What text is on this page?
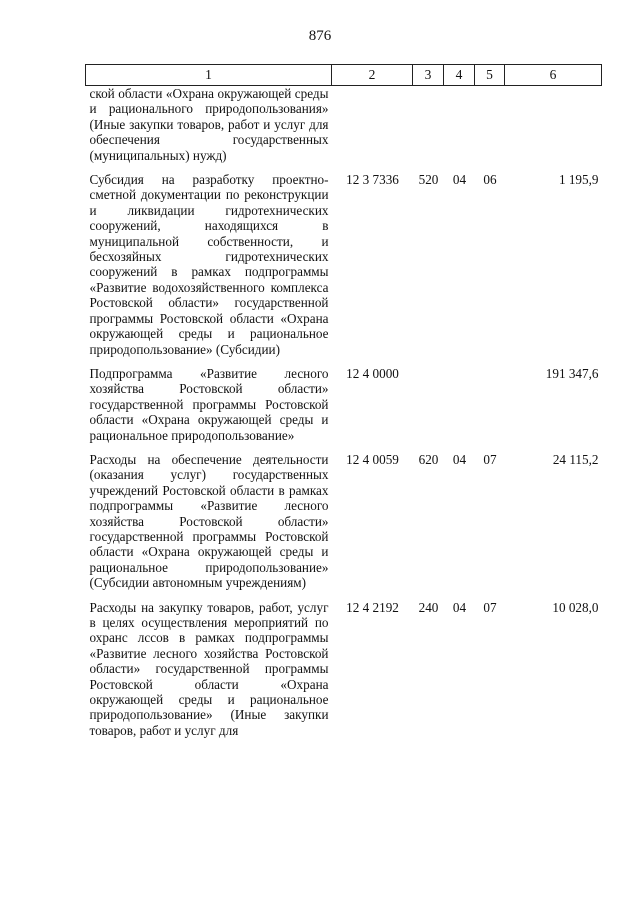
876
1	2	3	4	5	6
ской области «Охрана окружающей среды и рационального природопользования» (Иные закупки товаров, работ и услуг для обеспечения государственных (муниципальных) нужд)					
Субсидия на разработку проектно-сметной документации по реконструкции и ликвидации гидротехнических сооружений, находящихся в муниципальной собственности, и бесхозяйных гидротехнических сооружений в рамках подпрограммы «Развитие водохозяйственного комплекса Ростовской области» государственной программы Ростовской области «Охрана окружающей среды и рациональное природопользование» (Субсидии)	12 3 7336	520	04	06	1 195,9
Подпрограмма «Развитие лесного хозяйства Ростовской области» государственной программы Ростовской области «Охрана окружающей среды и рациональное природопользование»	12 4 0000				191 347,6
Расходы на обеспечение деятельности (оказания услуг) государственных учреждений Ростовской области в рамках подпрограммы «Развитие лесного хозяйства Ростовской области» государственной программы Ростовской области «Охрана окружающей среды и рациональное природопользование» (Субсидии автономным учреждениям)	12 4 0059	620	04	07	24 115,2
Расходы на закупку товаров, работ, услуг в целях осуществления мероприятий по охранс лссов в рамках подпрограммы «Развитие лесного хозяйства Ростовской области» государственной программы Ростовской области «Охрана окружающей среды и рациональное природопользование» (Иные закупки товаров, работ и услуг для	12 4 2192	240	04	07	10 028,0
